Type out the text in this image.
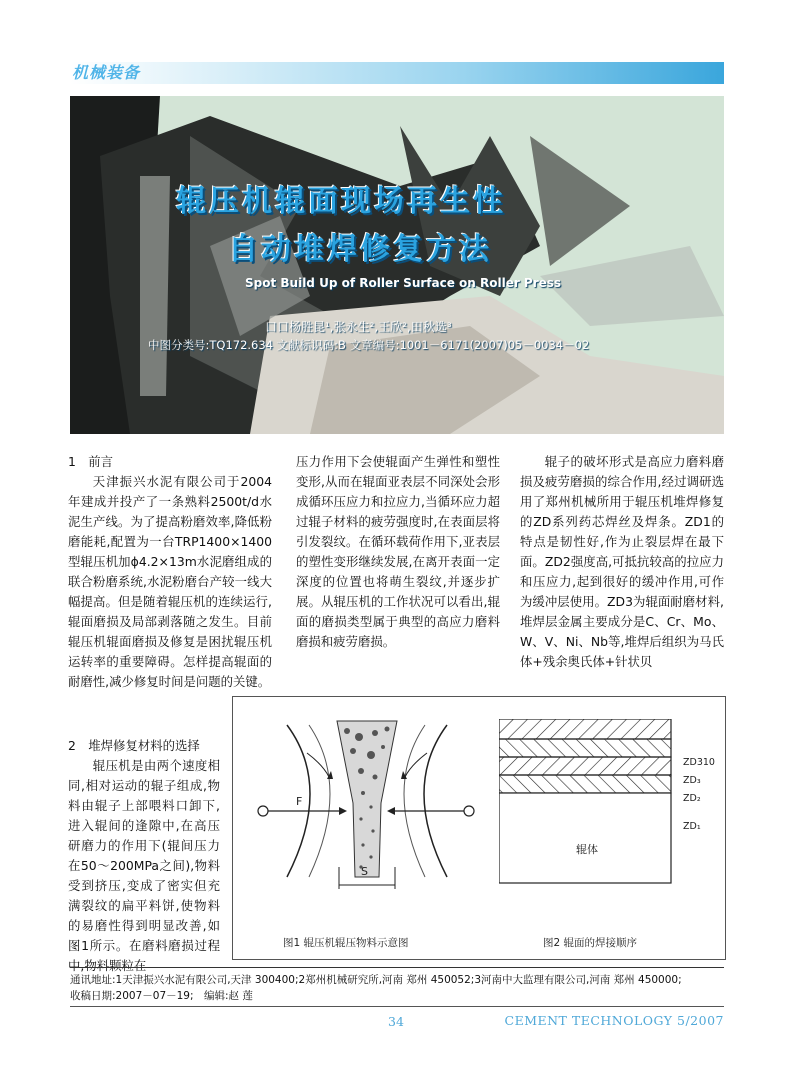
机械装备
辊压机辊面现场再生性
自动堆焊修复方法
Spot Build Up of Roller Surface on Roller Press
口口杨胜昆¹,张永生²,王欣²,田秋选³
中图分类号:TQ172.634 文献标识码:B 文章编号:1001－6171(2007)05－0034－02

1　前言

天津振兴水泥有限公司于2004年建成并投产了一条熟料2500t/d水泥生产线。为了提高粉磨效率,降低粉磨能耗,配置为一台TRP1400×1400型辊压机加ϕ4.2×13m水泥磨组成的联合粉磨系统,水泥粉磨台产较一线大幅提高。但是随着辊压机的连续运行,辊面磨损及局部剥落随之发生。目前辊压机辊面磨损及修复是困扰辊压机运转率的重要障碍。怎样提高辊面的耐磨性,减少修复时间是问题的关键。

2　堆焊修复材料的选择

辊压机是由两个速度相同,相对运动的辊子组成,物料由辊子上部喂料口卸下,进入辊间的逢隙中,在高压研磨力的作用下(辊间压力在50～200MPa之间),物料受到挤压,变成了密实但充满裂纹的扁平料饼,使物料的易磨性得到明显改善,如图1所示。在磨料磨损过程中,物料颗粒在

压力作用下会使辊面产生弹性和塑性变形,从而在辊面亚表层不同深处会形成循环压应力和拉应力,当循环应力超过辊子材料的疲劳强度时,在表面层将引发裂纹。在循环载荷作用下,亚表层的塑性变形继续发展,在离开表面一定深度的位置也将萌生裂纹,并逐步扩展。从辊压机的工作状况可以看出,辊面的磨损类型属于典型的高应力磨料磨损和疲劳磨损。

辊子的破坏形式是高应力磨料磨损及疲劳磨损的综合作用,经过调研选用了郑州机械所用于辊压机堆焊修复的ZD系列药芯焊丝及焊条。ZD1的特点是韧性好,作为止裂层焊在最下面。ZD2强度高,可抵抗较高的拉应力和压应力,起到很好的缓冲作用,可作为缓冲层使用。ZD3为辊面耐磨材料,堆焊层金属主要成分是C、Cr、Mo、W、V、Ni、Nb等,堆焊后组织为马氏体+残余奥氏体+针状贝

F
S
ZD310
ZD₃
ZD₂
ZD₁
辊体
图1 辊压机辊压物料示意图	图2 辊面的焊接顺序
通讯地址:1天津振兴水泥有限公司,天津 300400;2郑州机械研究所,河南 郑州 450052;3河南中大监理有限公司,河南 郑州 450000;
收稿日期:2007－07－19;　编辑:赵 莲
34	CEMENT TECHNOLOGY 5/2007
